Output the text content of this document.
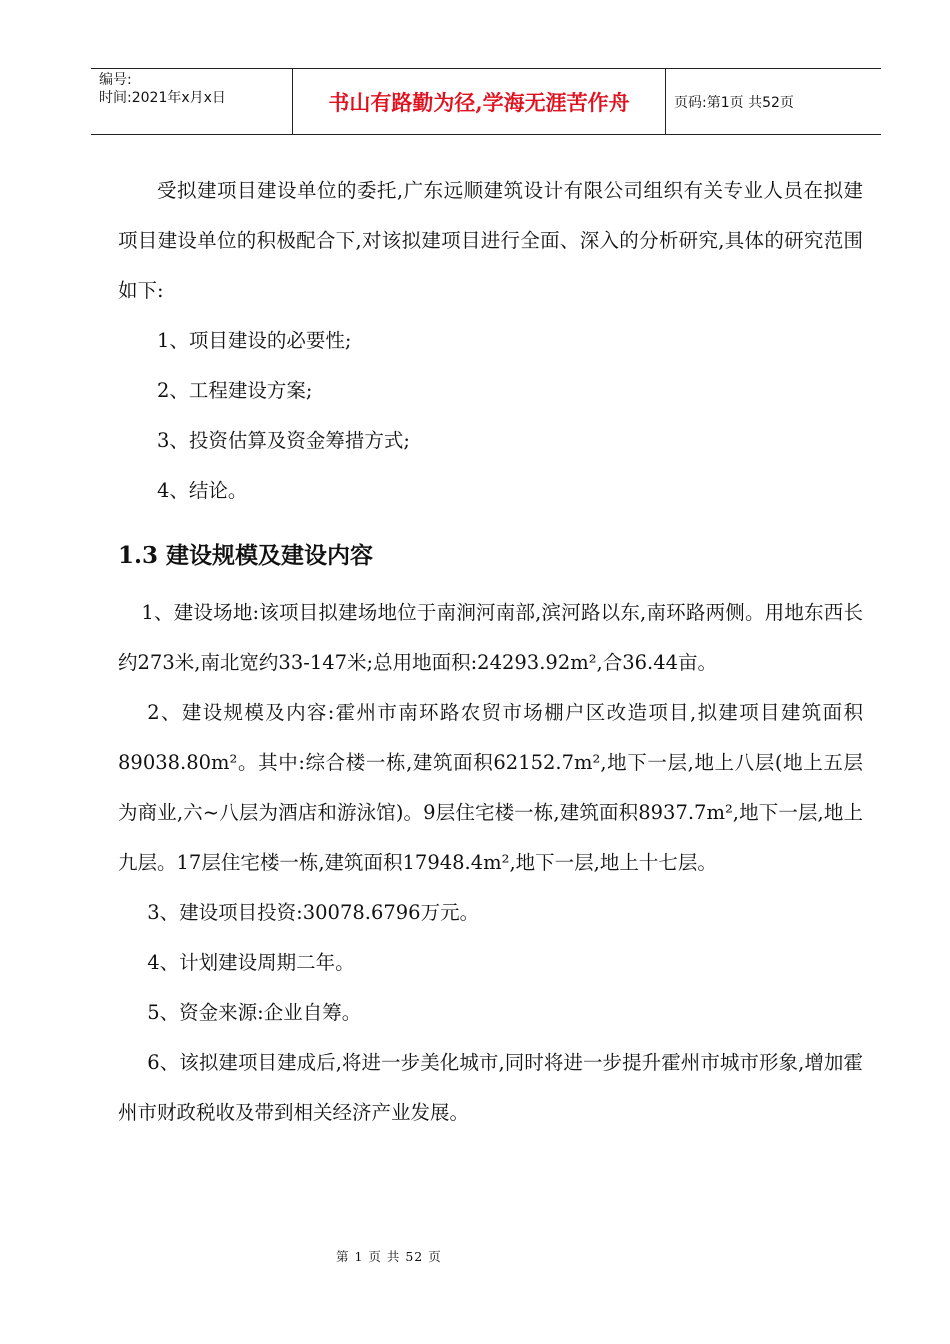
编号:
时间:2021年x月x日	书山有路勤为径,学海无涯苦作舟	页码:第1页 共52页

受拟建项目建设单位的委托,广东远顺建筑设计有限公司组织有关专业人员在拟建项目建设单位的积极配合下,对该拟建项目进行全面、深入的分析研究,具体的研究范围如下:

1、项目建设的必要性;

2、工程建设方案;

3、投资估算及资金筹措方式;

4、结论。

1.3 建设规模及建设内容

1、建设场地:该项目拟建场地位于南涧河南部,滨河路以东,南环路两侧。用地东西长约273米,南北宽约33-147米;总用地面积:24293.92m²,合36.44亩。

2、建设规模及内容:霍州市南环路农贸市场棚户区改造项目,拟建项目建筑面积89038.80m²。其中:综合楼一栋,建筑面积62152.7m²,地下一层,地上八层(地上五层为商业,六~八层为酒店和游泳馆)。9层住宅楼一栋,建筑面积8937.7m²,地下一层,地上九层。17层住宅楼一栋,建筑面积17948.4m²,地下一层,地上十七层。

3、建设项目投资:30078.6796万元。

4、计划建设周期二年。

5、资金来源:企业自筹。

6、该拟建项目建成后,将进一步美化城市,同时将进一步提升霍州市城市形象,增加霍州市财政税收及带到相关经济产业发展。

第 1 页 共 52 页
